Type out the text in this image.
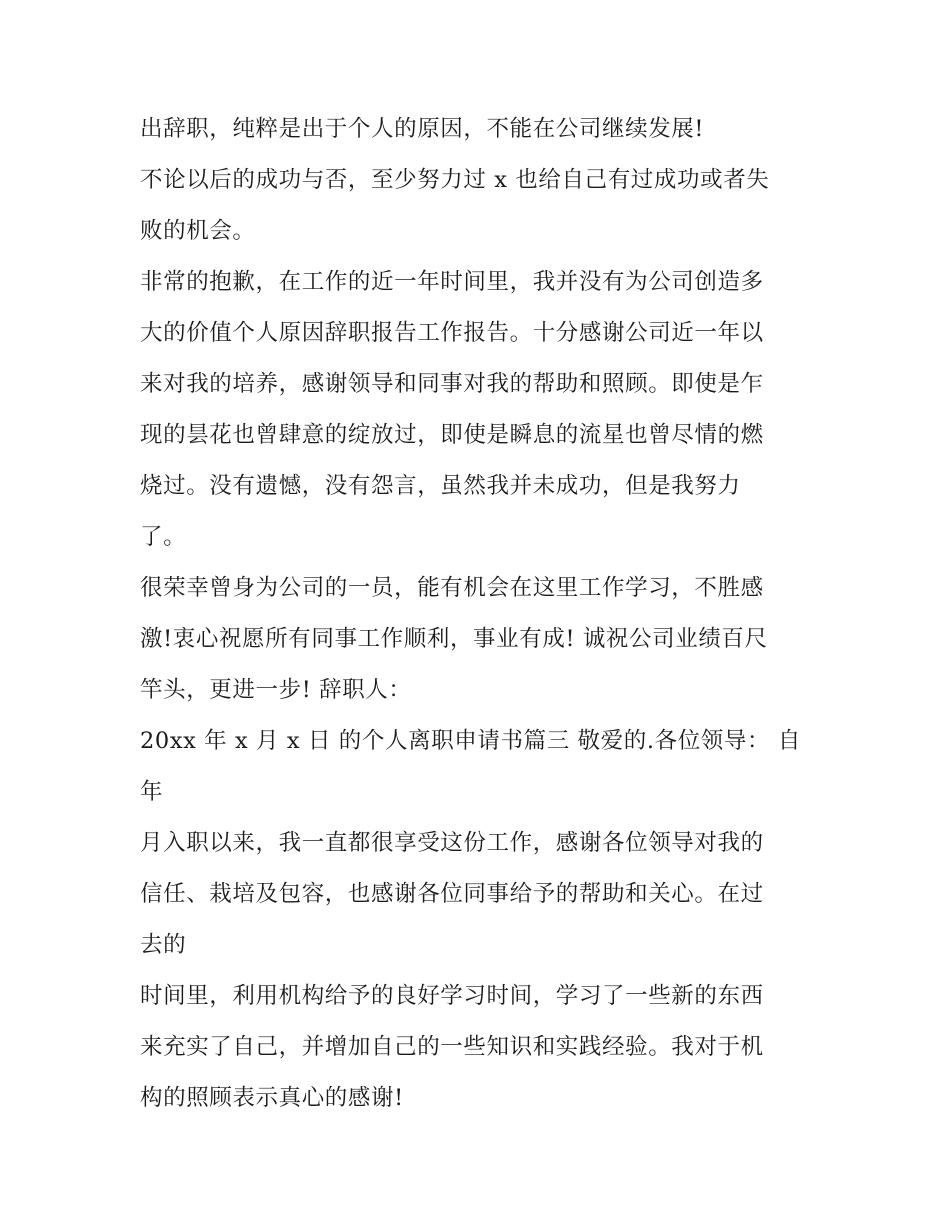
出辞职，纯粹是出于个人的原因，不能在公司继续发展!
不论以后的成功与否，至少努力过 x 也给自己有过成功或者失
败的机会。
非常的抱歉，在工作的近一年时间里，我并没有为公司创造多
大的价值个人原因辞职报告工作报告。十分感谢公司近一年以
来对我的培养，感谢领导和同事对我的帮助和照顾。即使是乍
现的昙花也曾肆意的绽放过，即使是瞬息的流星也曾尽情的燃
烧过。没有遗憾，没有怨言，虽然我并未成功，但是我努力
了。
很荣幸曾身为公司的一员，能有机会在这里工作学习，不胜感
激!衷心祝愿所有同事工作顺利，事业有成! 诚祝公司业绩百尺
竿头，更进一步! 辞职人：
20xx 年 x 月 x 日 的个人离职申请书篇三 敬爱的.各位领导： 自
年
月入职以来，我一直都很享受这份工作，感谢各位领导对我的
信任、栽培及包容，也感谢各位同事给予的帮助和关心。在过
去的
时间里，利用机构给予的良好学习时间，学习了一些新的东西
来充实了自己，并增加自己的一些知识和实践经验。我对于机
构的照顾表示真心的感谢!
